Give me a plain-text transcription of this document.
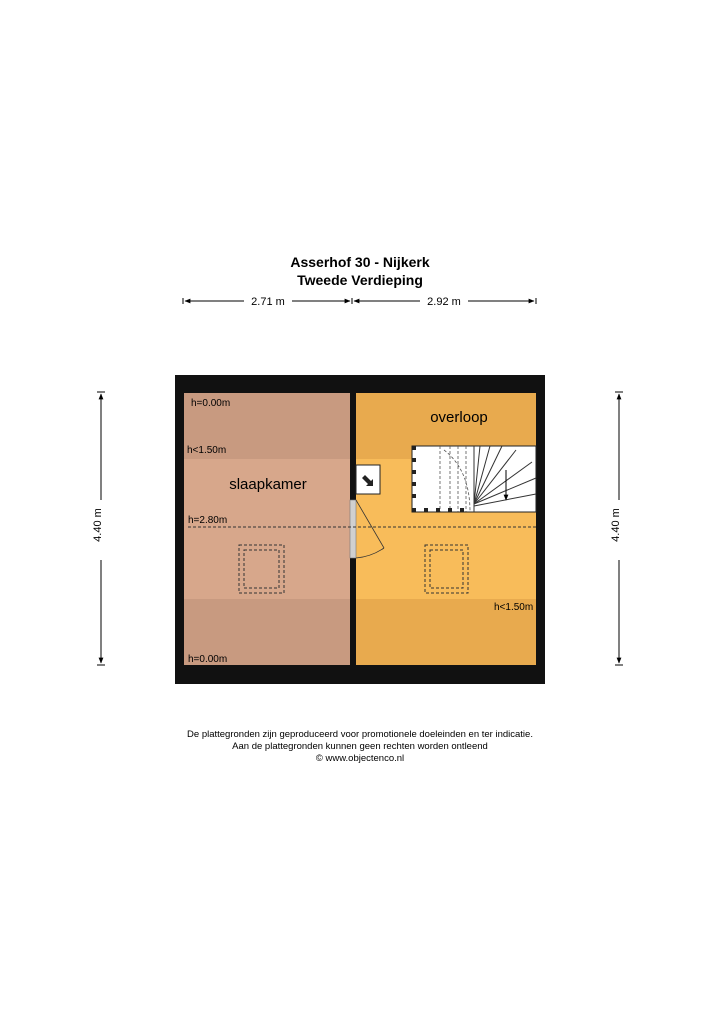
Asserhof 30 - Nijkerk
Tweede Verdieping
2.71 m	2.92 m
4.40 m	4.40 m
slaapkamer
overloop
h=0.00m
h<1.50m
h=2.80m
h=0.00m
h<1.50m
De plattegronden zijn geproduceerd voor promotionele doeleinden en ter indicatie.
Aan de plattegronden kunnen geen rechten worden ontleend
© www.objectenco.nl
